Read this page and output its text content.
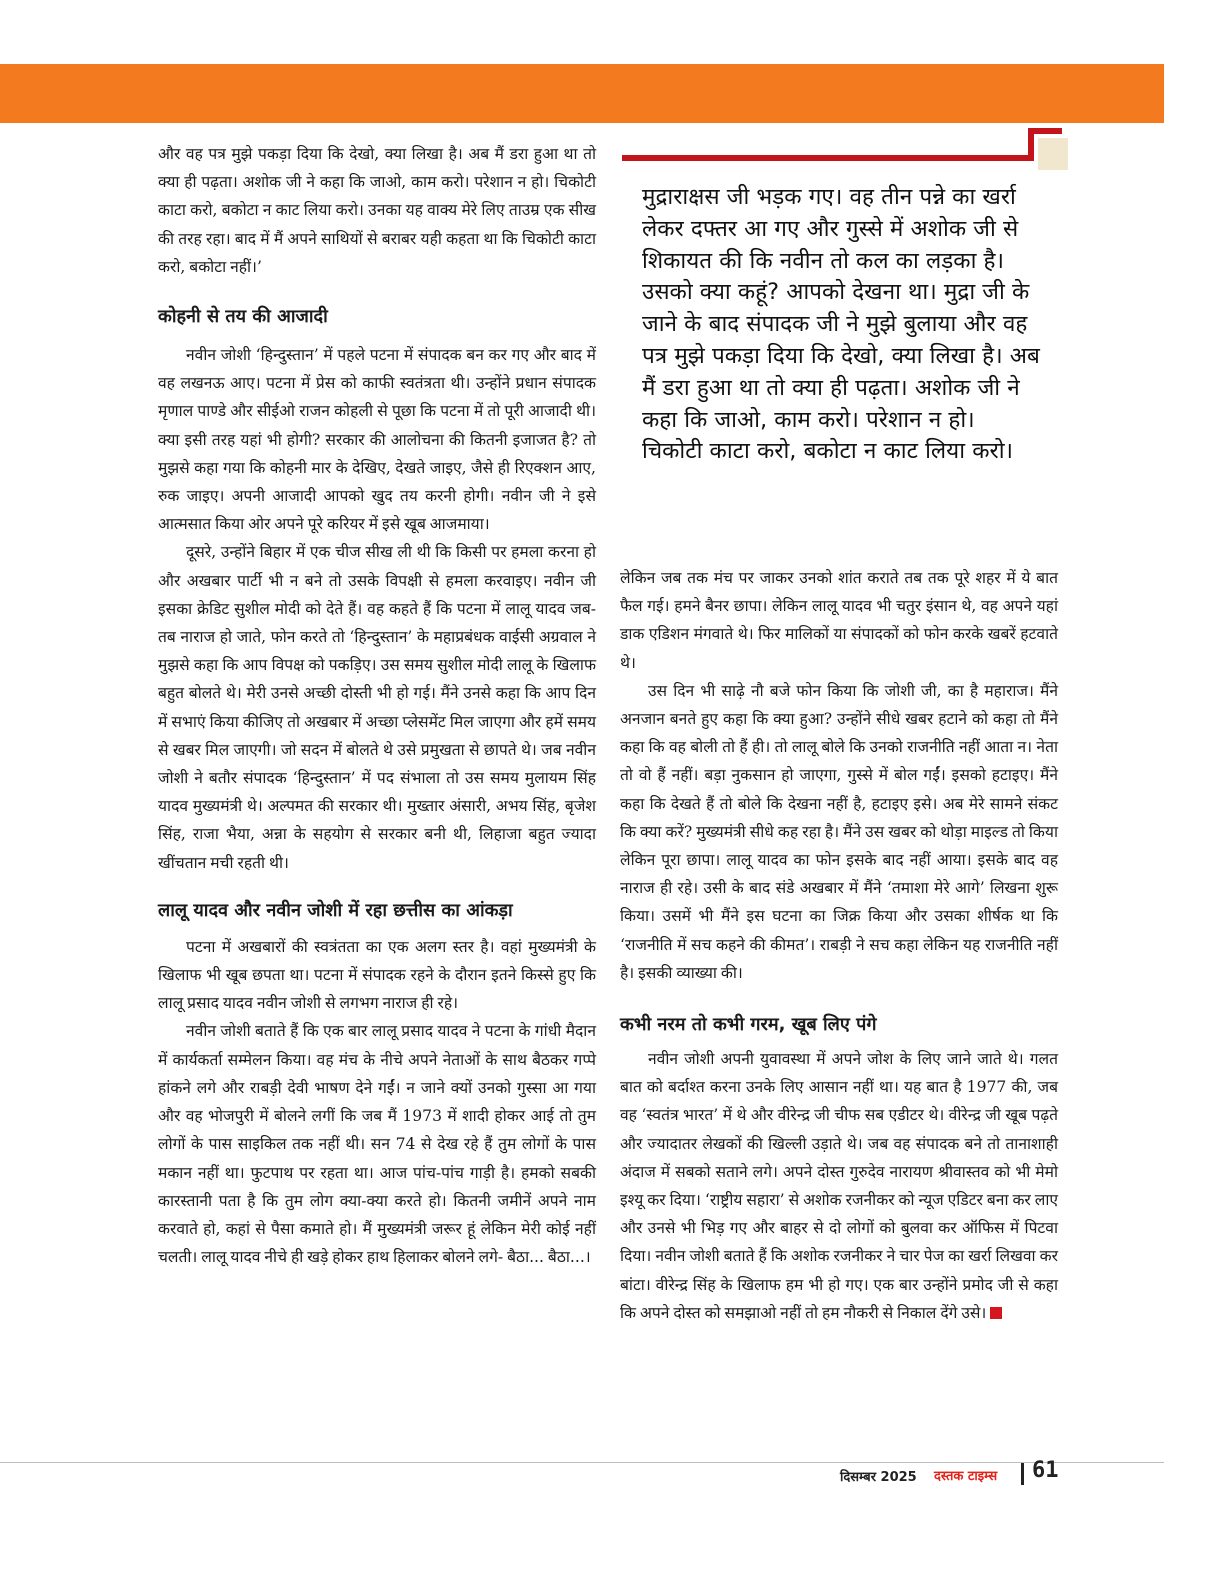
और वह पत्र मुझे पकड़ा दिया कि देखो, क्या लिखा है। अब मैं डरा हुआ था तो क्या ही पढ़ता। अशोक जी ने कहा कि जाओ, काम करो। परेशान न हो। चिकोटी काटा करो, बकोटा न काट लिया करो। उनका यह वाक्य मेरे लिए ताउम्र एक सीख की तरह रहा। बाद में मैं अपने साथियों से बराबर यही कहता था कि चिकोटी काटा करो, बकोटा नहीं।’

कोहनी से तय की आजादी

नवीन जोशी ‘हिन्दुस्तान’ में पहले पटना में संपादक बन कर गए और बाद में वह लखनऊ आए। पटना में प्रेस को काफी स्वतंत्रता थी। उन्होंने प्रधान संपादक मृणाल पाण्डे और सीईओ राजन कोहली से पूछा कि पटना में तो पूरी आजादी थी। क्या इसी तरह यहां भी होगी? सरकार की आलोचना की कितनी इजाजत है? तो मुझसे कहा गया कि कोहनी मार के देखिए, देखते जाइए, जैसे ही रिएक्शन आए, रुक जाइए। अपनी आजादी आपको खुद तय करनी होगी। नवीन जी ने इसे आत्मसात किया ओर अपने पूरे करियर में इसे खूब आजमाया।

दूसरे, उन्होंने बिहार में एक चीज सीख ली थी कि किसी पर हमला करना हो और अखबार पार्टी भी न बने तो उसके विपक्षी से हमला करवाइए। नवीन जी इसका क्रेडिट सुशील मोदी को देते हैं। वह कहते हैं कि पटना में लालू यादव जब-तब नाराज हो जाते, फोन करते तो ‘हिन्दुस्तान’ के महाप्रबंधक वाईसी अग्रवाल ने मुझसे कहा कि आप विपक्ष को पकड़िए। उस समय सुशील मोदी लालू के खिलाफ बहुत बोलते थे। मेरी उनसे अच्छी दोस्ती भी हो गई। मैंने उनसे कहा कि आप दिन में सभाएं किया कीजिए तो अखबार में अच्छा प्लेसमेंट मिल जाएगा और हमें समय से खबर मिल जाएगी। जो सदन में बोलते थे उसे प्रमुखता से छापते थे। जब नवीन जोशी ने बतौर संपादक ‘हिन्दुस्तान’ में पद संभाला तो उस समय मुलायम सिंह यादव मुख्यमंत्री थे। अल्पमत की सरकार थी। मुख्तार अंसारी, अभय सिंह, बृजेश सिंह, राजा भैया, अन्ना के सहयोग से सरकार बनी थी, लिहाजा बहुत ज्यादा खींचतान मची रहती थी।

लालू यादव और नवीन जोशी में रहा छत्तीस का आंकड़ा

पटना में अखबारों की स्वत्रंतता का एक अलग स्तर है। वहां मुख्यमंत्री के खिलाफ भी खूब छपता था। पटना में संपादक रहने के दौरान इतने किस्से हुए कि लालू प्रसाद यादव नवीन जोशी से लगभग नाराज ही रहे।

नवीन जोशी बताते हैं कि एक बार लालू प्रसाद यादव ने पटना के गांधी मैदान में कार्यकर्ता सम्मेलन किया। वह मंच के नीचे अपने नेताओं के साथ बैठकर गप्पे हांकने लगे और राबड़ी देवी भाषण देने गईं। न जाने क्यों उनको गुस्सा आ गया और वह भोजपुरी में बोलने लगीं कि जब मैं 1973 में शादी होकर आई तो तुम लोगों के पास साइकिल तक नहीं थी। सन 74 से देख रहे हैं तुम लोगों के पास मकान नहीं था। फुटपाथ पर रहता था। आज पांच-पांच गाड़ी है। हमको सबकी कारस्तानी पता है कि तुम लोग क्या-क्या करते हो। कितनी जमीनें अपने नाम करवाते हो, कहां से पैसा कमाते हो। मैं मुख्यमंत्री जरूर हूं लेकिन मेरी कोई नहीं चलती। लालू यादव नीचे ही खड़े होकर हाथ हिलाकर बोलने लगे- बैठा... बैठा...।

मुद्राराक्षस जी भड़क गए। वह तीन पन्ने का खर्रा लेकर दफ्तर आ गए और गुस्से में अशोक जी से शिकायत की कि नवीन तो कल का लड़का है। उसको क्या कहूं? आपको देखना था। मुद्रा जी के जाने के बाद संपादक जी ने मुझे बुलाया और वह पत्र मुझे पकड़ा दिया कि देखो, क्या लिखा है। अब मैं डरा हुआ था तो क्या ही पढ़ता। अशोक जी ने कहा कि जाओ, काम करो। परेशान न हो। चिकोटी काटा करो, बकोटा न काट लिया करो।

लेकिन जब तक मंच पर जाकर उनको शांत कराते तब तक पूरे शहर में ये बात फैल गई। हमने बैनर छापा। लेकिन लालू यादव भी चतुर इंसान थे, वह अपने यहां डाक एडिशन मंगवाते थे। फिर मालिकों या संपादकों को फोन करके खबरें हटवाते थे।

उस दिन भी साढ़े नौ बजे फोन किया कि जोशी जी, का है महाराज। मैंने अनजान बनते हुए कहा कि क्या हुआ? उन्होंने सीधे खबर हटाने को कहा तो मैंने कहा कि वह बोली तो हैं ही। तो लालू बोले कि उनको राजनीति नहीं आता न। नेता तो वो हैं नहीं। बड़ा नुकसान हो जाएगा, गुस्से में बोल गईं। इसको हटाइए। मैंने कहा कि देखते हैं तो बोले कि देखना नहीं है, हटाइए इसे। अब मेरे सामने संकट कि क्या करें? मुख्यमंत्री सीधे कह रहा है। मैंने उस खबर को थोड़ा माइल्ड तो किया लेकिन पूरा छापा। लालू यादव का फोन इसके बाद नहीं आया। इसके बाद वह नाराज ही रहे। उसी के बाद संडे अखबार में मैंने ‘तमाशा मेरे आगे’ लिखना शुरू किया। उसमें भी मैंने इस घटना का जिक्र किया और उसका शीर्षक था कि ‘राजनीति में सच कहने की कीमत’। राबड़ी ने सच कहा लेकिन यह राजनीति नहीं है। इसकी व्याख्या की।

कभी नरम तो कभी गरम, खूब लिए पंगे

नवीन जोशी अपनी युवावस्था में अपने जोश के लिए जाने जाते थे। गलत बात को बर्दाश्त करना उनके लिए आसान नहीं था। यह बात है 1977 की, जब वह ‘स्वतंत्र भारत’ में थे और वीरेन्द्र जी चीफ सब एडीटर थे। वीरेन्द्र जी खूब पढ़ते और ज्यादातर लेखकों की खिल्ली उड़ाते थे। जब वह संपादक बने तो तानाशाही अंदाज में सबको सताने लगे। अपने दोस्त गुरुदेव नारायण श्रीवास्तव को भी मेमो इश्यू कर दिया। ‘राष्ट्रीय सहारा’ से अशोक रजनीकर को न्यूज एडिटर बना कर लाए और उनसे भी भिड़ गए और बाहर से दो लोगों को बुलवा कर ऑफिस में पिटवा दिया। नवीन जोशी बताते हैं कि अशोक रजनीकर ने चार पेज का खर्रा लिखवा कर बांटा। वीरेन्द्र सिंह के खिलाफ हम भी हो गए। एक बार उन्होंने प्रमोद जी से कहा कि अपने दोस्त को समझाओ नहीं तो हम नौकरी से निकाल देंगे उसे।

दिसम्बर 2025 दस्तक टाइम्स 61
